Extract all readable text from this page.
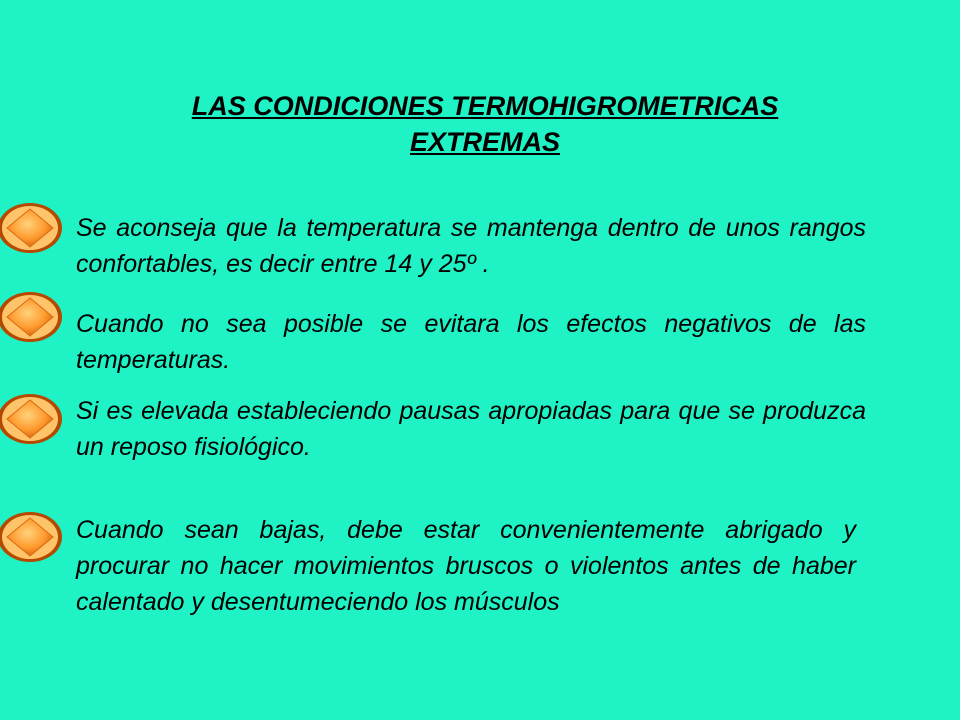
LAS CONDICIONES TERMOHIGROMETRICAS
EXTREMAS
Se aconseja que la temperatura se mantenga dentro de unos rangos confortables, es decir entre 14 y 25º .
Cuando no sea posible se evitara los efectos negativos de las temperaturas.
Si es elevada estableciendo pausas apropiadas para que se produzca un reposo fisiológico.
Cuando sean bajas, debe estar convenientemente abrigado y procurar no hacer movimientos bruscos o violentos antes de haber calentado y desentumeciendo los músculos
